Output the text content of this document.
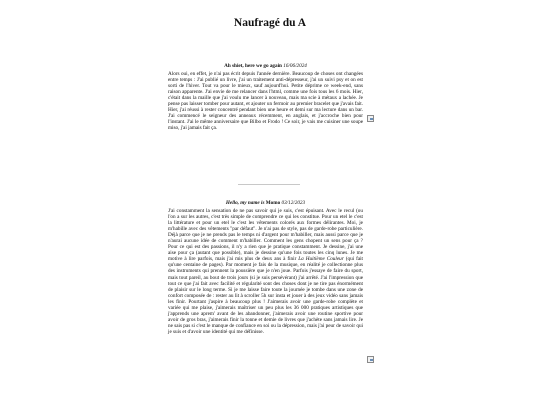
Naufragé du A
Ah shiet, here we go again 16/06/2024

Alors oui, en effet, je n'ai pas écrit depuis l'année dernière. Beaucoup de choses ont changées entre temps : J'ai publié un livre, j'ai un traitement anti-dépresseur, j'ai un suivi psy et on est sorti de l'hiver. Tout va pour le mieux, sauf aujourd'hui. Petite déprime ce week-end, sans raison apparente. J'ai envie de me relancer dans l'html, comme une fois tous les 6 mois. Hier, c'était dans la maille que j'ai voulu me lancer à nouveau, mais ma scie à métaux a lachée. Je pense pas laisser tomber pour autant, et ajouter un fermoir au premier bracelet que j'avais fait. Hier, j'ai réussi à rester concentré pendant bien une heure et demi sur ma lecture dans un bar. J'ai commencé le seigneur des anneaux récemment, en anglais, et j'accroche bien pour l'instant. J'ai le même anniversaire que Bilbo et Frodo ! Ce soir, je vais me cuisiner une soupe miso, j'ai jamais fait ça.

Hello, my name is Momo 03/12/2023

J'ai constamment la sensation de ne pas savoir qui je suis, c'est épuisant. Avec le recul (ou l'on a sur les autres, c'est très simple de comprendre ce qui les constitue. Pour un etel le c'est la littérature et pour un etel le c'est les vêtements colorés aux formes délirantes. Moi, je m'habille avec des vêtements "par défaut". Je n'ai pas de style, pas de garde-robe particulière. Déjà parce que je ne prends pas le temps ni d'argent pour m'habiller, mais aussi parce que je n'aurai aucune idée de comment m'habiller. Comment les gens chopent un sens pour ça ? Pour ce qui est des passions, il n'y a rien que je pratique constamment. Je dessine, j'ai une aise pour ça (autant que possible), mais je dessine qu'une fois toutes les cinq lunes. Je me motive à lire parfois, mais j'ai mis plus de deux ans à finir La Huitième Couleur (qui fait qu'une centaine de pages). Par moment je fais de la musique, en réalité je collectionne plus des instruments qui prennent la poussière que je n'en joue. Parfois j'essaye de faire du sport, mais tout pareil, au bout de trois jours (si je suis persévérant) j'ai arrêté. J'ai l'impression que tout ce que j'ai fait avec facilité et régularité sont des choses dont je ne tire pas énormément de plaisir sur le long terme. Si je me laisse faire toute la journée je tombe dans une zone de confort composée de : rester au lit à scroller 5h sur insta et jouer à des jeux vidéo sans jamais les finir. Pourtant j'aspire à beaucoup plus ! J'aimerais avoir une garde-robe complète et variée qui me plaise, j'aimerais maîtriser un peu plus les 36 000 pratiques artistiques que j'apprends une aprem' avant de les abandonner, j'aimerais avoir une routine sportive pour avoir de gros bras, j'aimerais finir la tonne et demie de livres que j'achète sans jamais lire. Je ne sais pas si c'est le manque de confiance en soi ou la dépression, mais j'ai peur de savoir qui je suis et d'avoir une identité qui me définisse.
